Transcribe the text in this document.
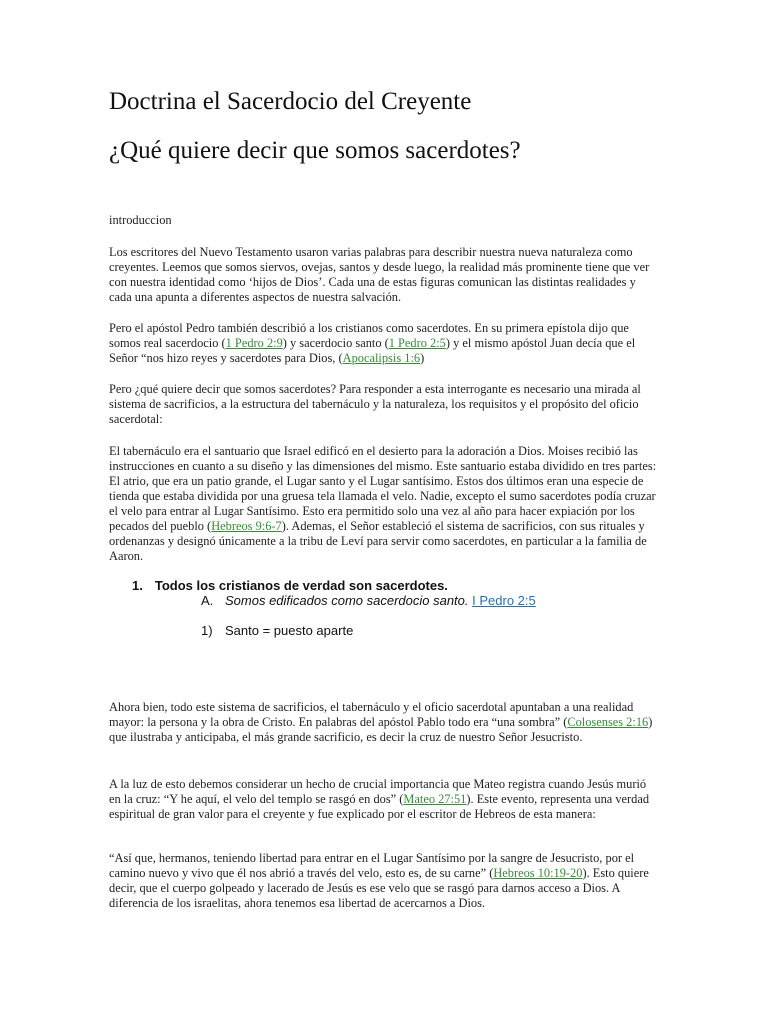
Doctrina el Sacerdocio del Creyente
¿Qué quiere decir que somos sacerdotes?

introduccion

Los escritores del Nuevo Testamento usaron varias palabras para describir nuestra nueva naturaleza como creyentes. Leemos que somos siervos, ovejas, santos y desde luego, la realidad más prominente tiene que ver con nuestra identidad como ‘hijos de Dios’. Cada una de estas figuras comunican las distintas realidades y cada una apunta a diferentes aspectos de nuestra salvación.

Pero el apóstol Pedro también describió a los cristianos como sacerdotes. En su primera epístola dijo que somos real sacerdocio (1 Pedro 2:9) y sacerdocio santo (1 Pedro 2:5) y el mismo apóstol Juan decía que el Señor “nos hizo reyes y sacerdotes para Dios, (Apocalipsis 1:6)

Pero ¿qué quiere decir que somos sacerdotes? Para responder a esta interrogante es necesario una mirada al sistema de sacrificios, a la estructura del tabernáculo y la naturaleza, los requisitos y el propósito del oficio sacerdotal:

El tabernáculo era el santuario que Israel edificó en el desierto para la adoración a Dios. Moises recibió las instrucciones en cuanto a su diseño y las dimensiones del mismo. Este santuario estaba dividido en tres partes: El atrio, que era un patio grande, el Lugar santo y el Lugar santísimo. Estos dos últimos eran una especie de tienda que estaba dividida por una gruesa tela llamada el velo. Nadie, excepto el sumo sacerdotes podía cruzar el velo para entrar al Lugar Santísimo. Esto era permitido solo una vez al año para hacer expiación por los pecados del pueblo (Hebreos 9:6-7). Ademas, el Señor estableció el sistema de sacrificios, con sus rituales y ordenanzas y designó únicamente a la tribu de Leví para servir como sacerdotes, en particular a la familia de Aaron.

1. Todos los cristianos de verdad son sacerdotes.
A. Somos edificados como sacerdocio santo. I Pedro 2:5
1) Santo = puesto aparte

Ahora bien, todo este sistema de sacrificios, el tabernáculo y el oficio sacerdotal apuntaban a una realidad mayor: la persona y la obra de Cristo. En palabras del apóstol Pablo todo era “una sombra” (Colosenses 2:16) que ilustraba y anticipaba, el más grande sacrificio, es decir la cruz de nuestro Señor Jesucristo.

A la luz de esto debemos considerar un hecho de crucial importancia que Mateo registra cuando Jesús murió en la cruz: “Y he aquí, el velo del templo se rasgó en dos” (Mateo 27:51). Este evento, representa una verdad espiritual de gran valor para el creyente y fue explicado por el escritor de Hebreos de esta manera:

“Así que, hermanos, teniendo libertad para entrar en el Lugar Santísimo por la sangre de Jesucristo, por el camino nuevo y vivo que él nos abrió a través del velo, esto es, de su carne” (Hebreos 10:19-20). Esto quiere decir, que el cuerpo golpeado y lacerado de Jesús es ese velo que se rasgó para darnos acceso a Dios. A diferencia de los israelitas, ahora tenemos esa libertad de acercarnos a Dios.
